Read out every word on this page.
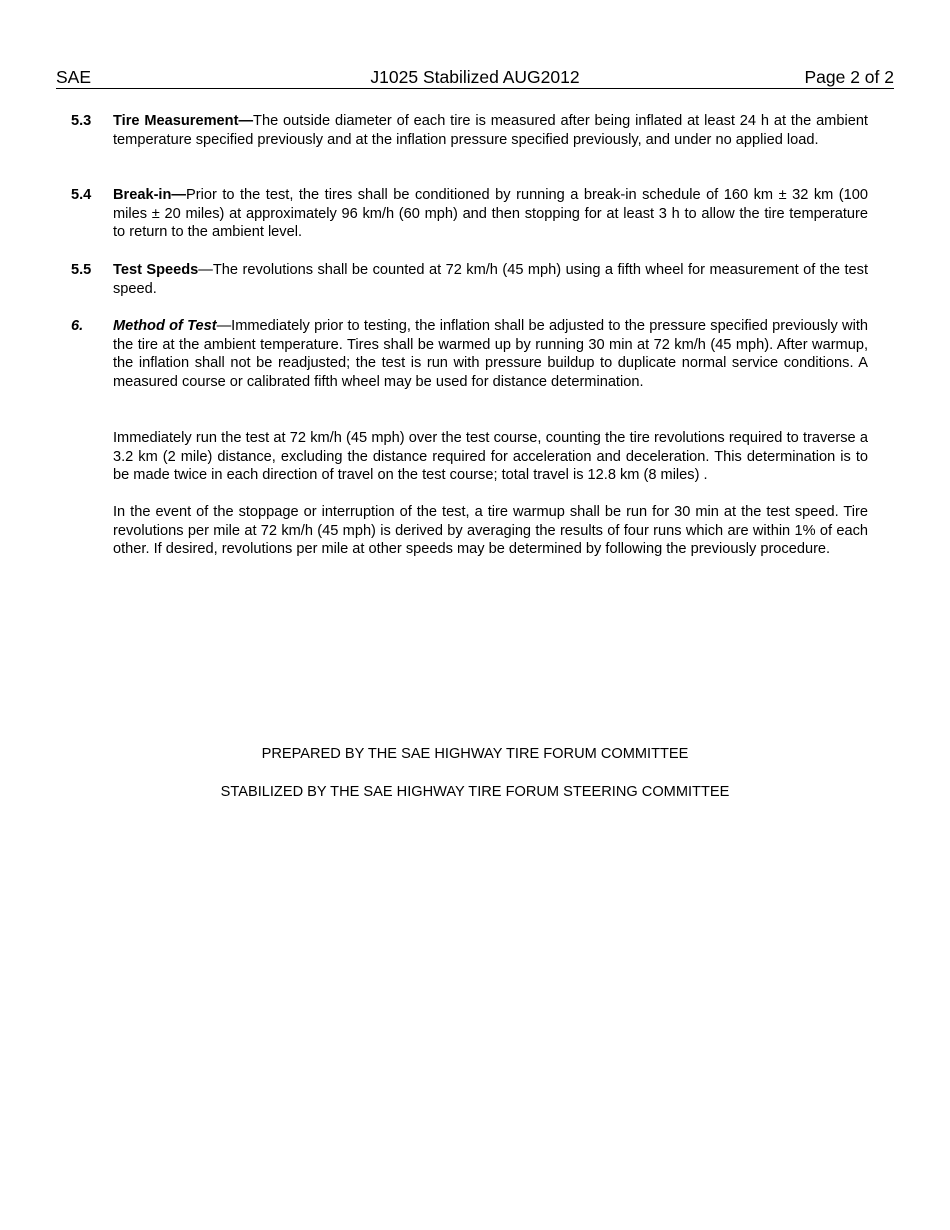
SAE	J1025 Stabilized AUG2012	Page 2 of 2
5.3 Tire Measurement—The outside diameter of each tire is measured after being inflated at least 24 h at the ambient temperature specified previously and at the inflation pressure specified previously, and under no applied load.
5.4 Break-in—Prior to the test, the tires shall be conditioned by running a break-in schedule of 160 km ± 32 km (100 miles ± 20 miles) at approximately 96 km/h (60 mph) and then stopping for at least 3 h to allow the tire temperature to return to the ambient level.
5.5 Test Speeds—The revolutions shall be counted at 72 km/h (45 mph) using a fifth wheel for measurement of the test speed.
6. Method of Test—Immediately prior to testing, the inflation shall be adjusted to the pressure specified previously with the tire at the ambient temperature. Tires shall be warmed up by running 30 min at 72 km/h (45 mph). After warmup, the inflation shall not be readjusted; the test is run with pressure buildup to duplicate normal service conditions. A measured course or calibrated fifth wheel may be used for distance determination.
Immediately run the test at 72 km/h (45 mph) over the test course, counting the tire revolutions required to traverse a 3.2 km (2 mile) distance, excluding the distance required for acceleration and deceleration. This determination is to be made twice in each direction of travel on the test course; total travel is 12.8 km (8 miles) .
In the event of the stoppage or interruption of the test, a tire warmup shall be run for 30 min at the test speed. Tire revolutions per mile at 72 km/h (45 mph) is derived by averaging the results of four runs which are within 1% of each other. If desired, revolutions per mile at other speeds may be determined by following the previously procedure.
PREPARED BY THE SAE HIGHWAY TIRE FORUM COMMITTEE
STABILIZED BY THE SAE HIGHWAY TIRE FORUM STEERING COMMITTEE
